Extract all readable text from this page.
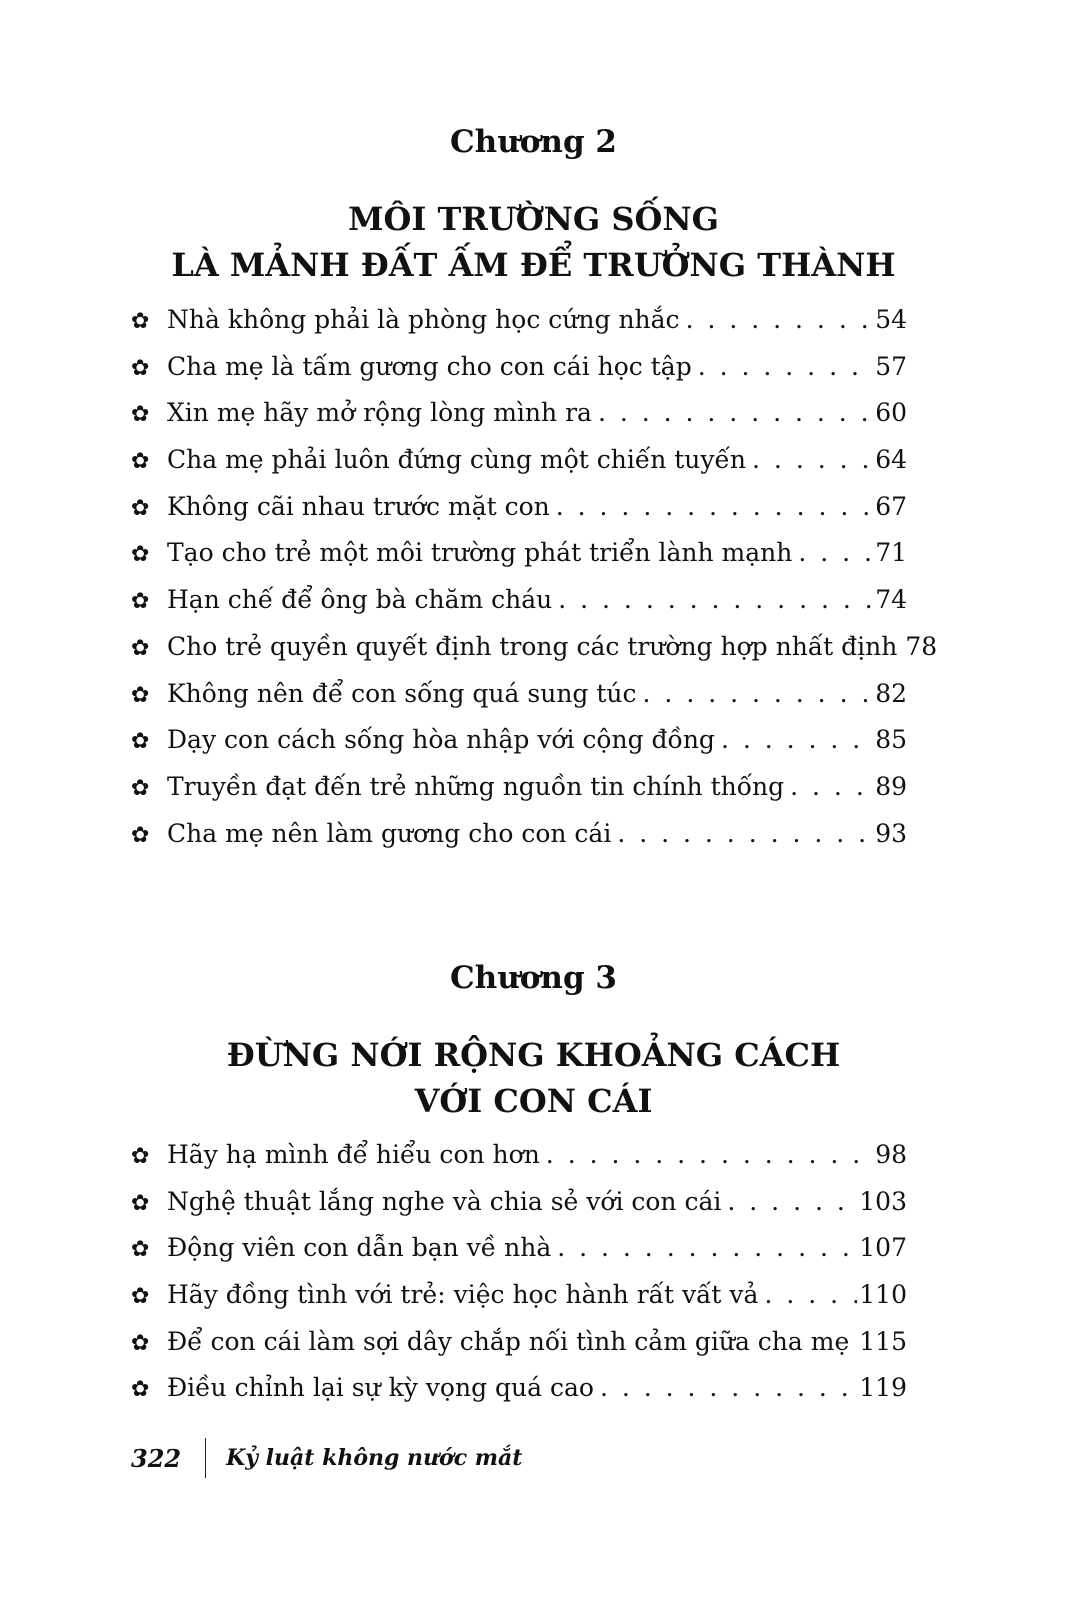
Chương 2
MÔI TRƯỜNG SỐNG
LÀ MẢNH ĐẤT ẤM ĐỂ TRƯỞNG THÀNH
✿ Nhà không phải là phòng học cứng nhắc . . .	54
✿ Cha mẹ là tấm gương cho con cái học tập . . .	57
✿ Xin mẹ hãy mở rộng lòng mình ra . . .	60
✿ Cha mẹ phải luôn đứng cùng một chiến tuyến . . .	64
✿ Không cãi nhau trước mặt con . . .	67
✿ Tạo cho trẻ một môi trường phát triển lành mạnh . . .	71
✿ Hạn chế để ông bà chăm cháu . . .	74
✿ Cho trẻ quyền quyết định trong các trường hợp nhất định 78
✿ Không nên để con sống quá sung túc . . .	82
✿ Dạy con cách sống hòa nhập với cộng đồng . . .	85
✿ Truyền đạt đến trẻ những nguồn tin chính thống . . .	89
✿ Cha mẹ nên làm gương cho con cái . . .	93
Chương 3
ĐỪNG NỚI RỘNG KHOẢNG CÁCH
VỚI CON CÁI
✿ Hãy hạ mình để hiểu con hơn . . .	98
✿ Nghệ thuật lắng nghe và chia sẻ với con cái . . .	103
✿ Động viên con dẫn bạn về nhà . . .	107
✿ Hãy đồng tình với trẻ: việc học hành rất vất vả . . .	110
✿ Để con cái làm sợi dây chắp nối tình cảm giữa cha mẹ . . . 115
✿ Điều chỉnh lại sự kỳ vọng quá cao . . .	119
322 Kỷ luật không nước mắt
